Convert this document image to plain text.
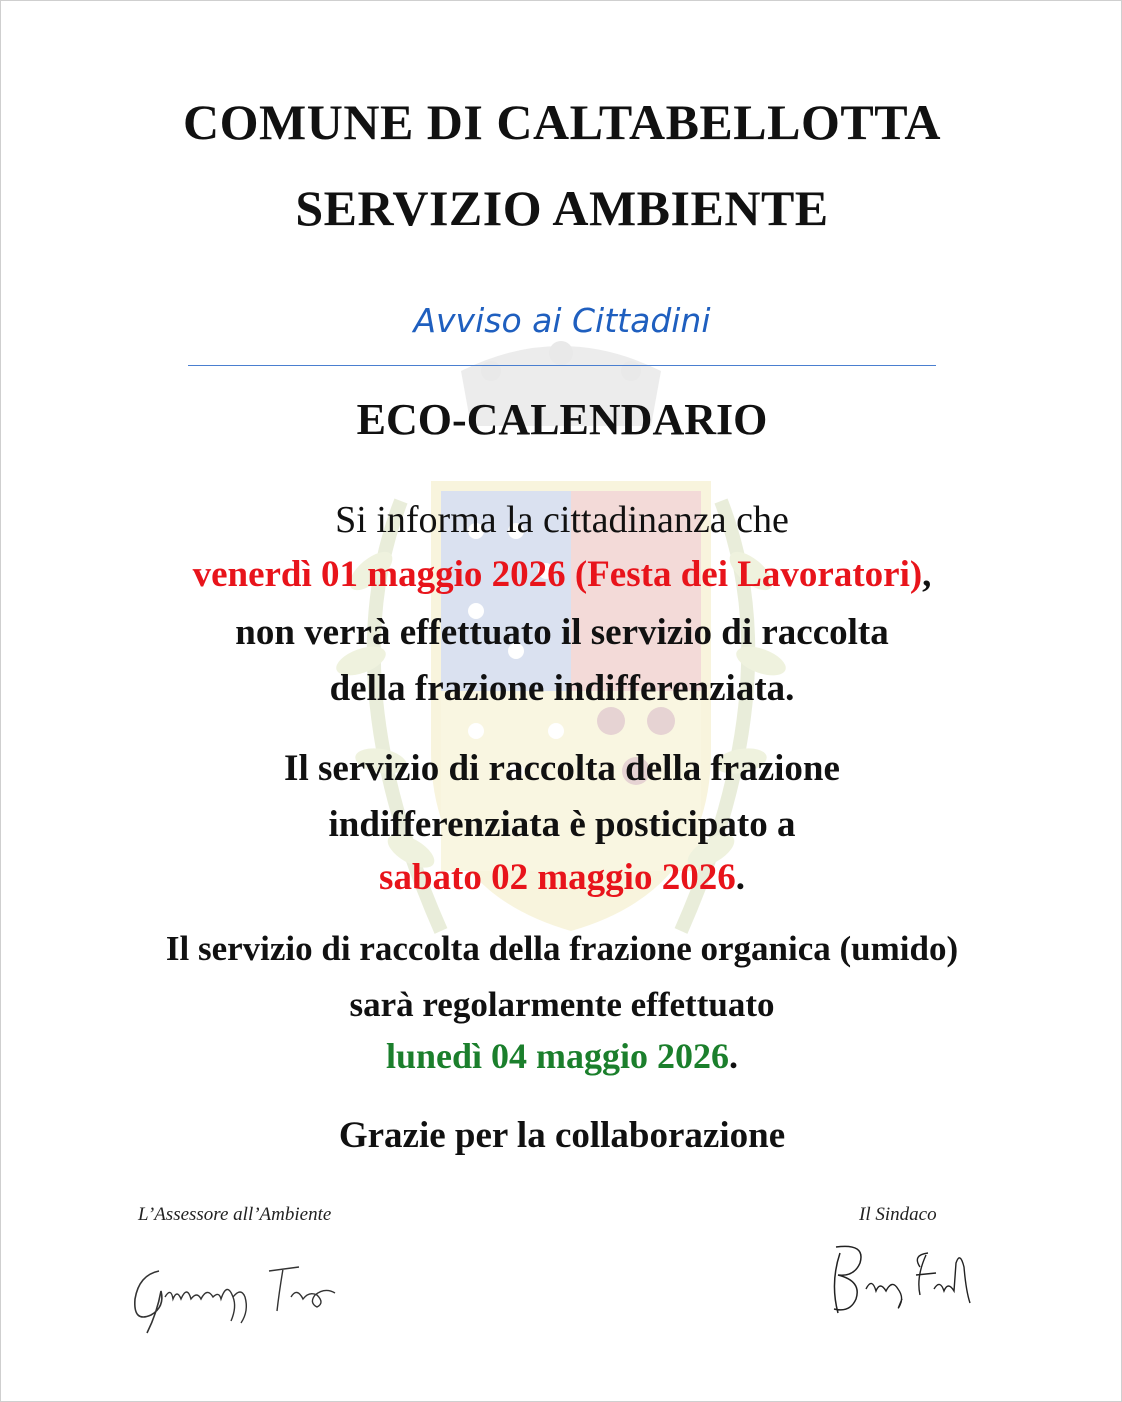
COMUNE DI CALTABELLOTTA
SERVIZIO AMBIENTE
Avviso ai Cittadini
ECO-CALENDARIO
Si informa la cittadinanza che
venerdì 01 maggio 2026 (Festa dei Lavoratori),
non verrà effettuato il servizio di raccolta
della frazione indifferenziata.
Il servizio di raccolta della frazione
indifferenziata è posticipato a
sabato 02 maggio 2026.
Il servizio di raccolta della frazione organica (umido)
sarà regolarmente effettuato
lunedì 04 maggio 2026.
Grazie per la collaborazione
L’Assessore all’Ambiente	Il Sindaco
